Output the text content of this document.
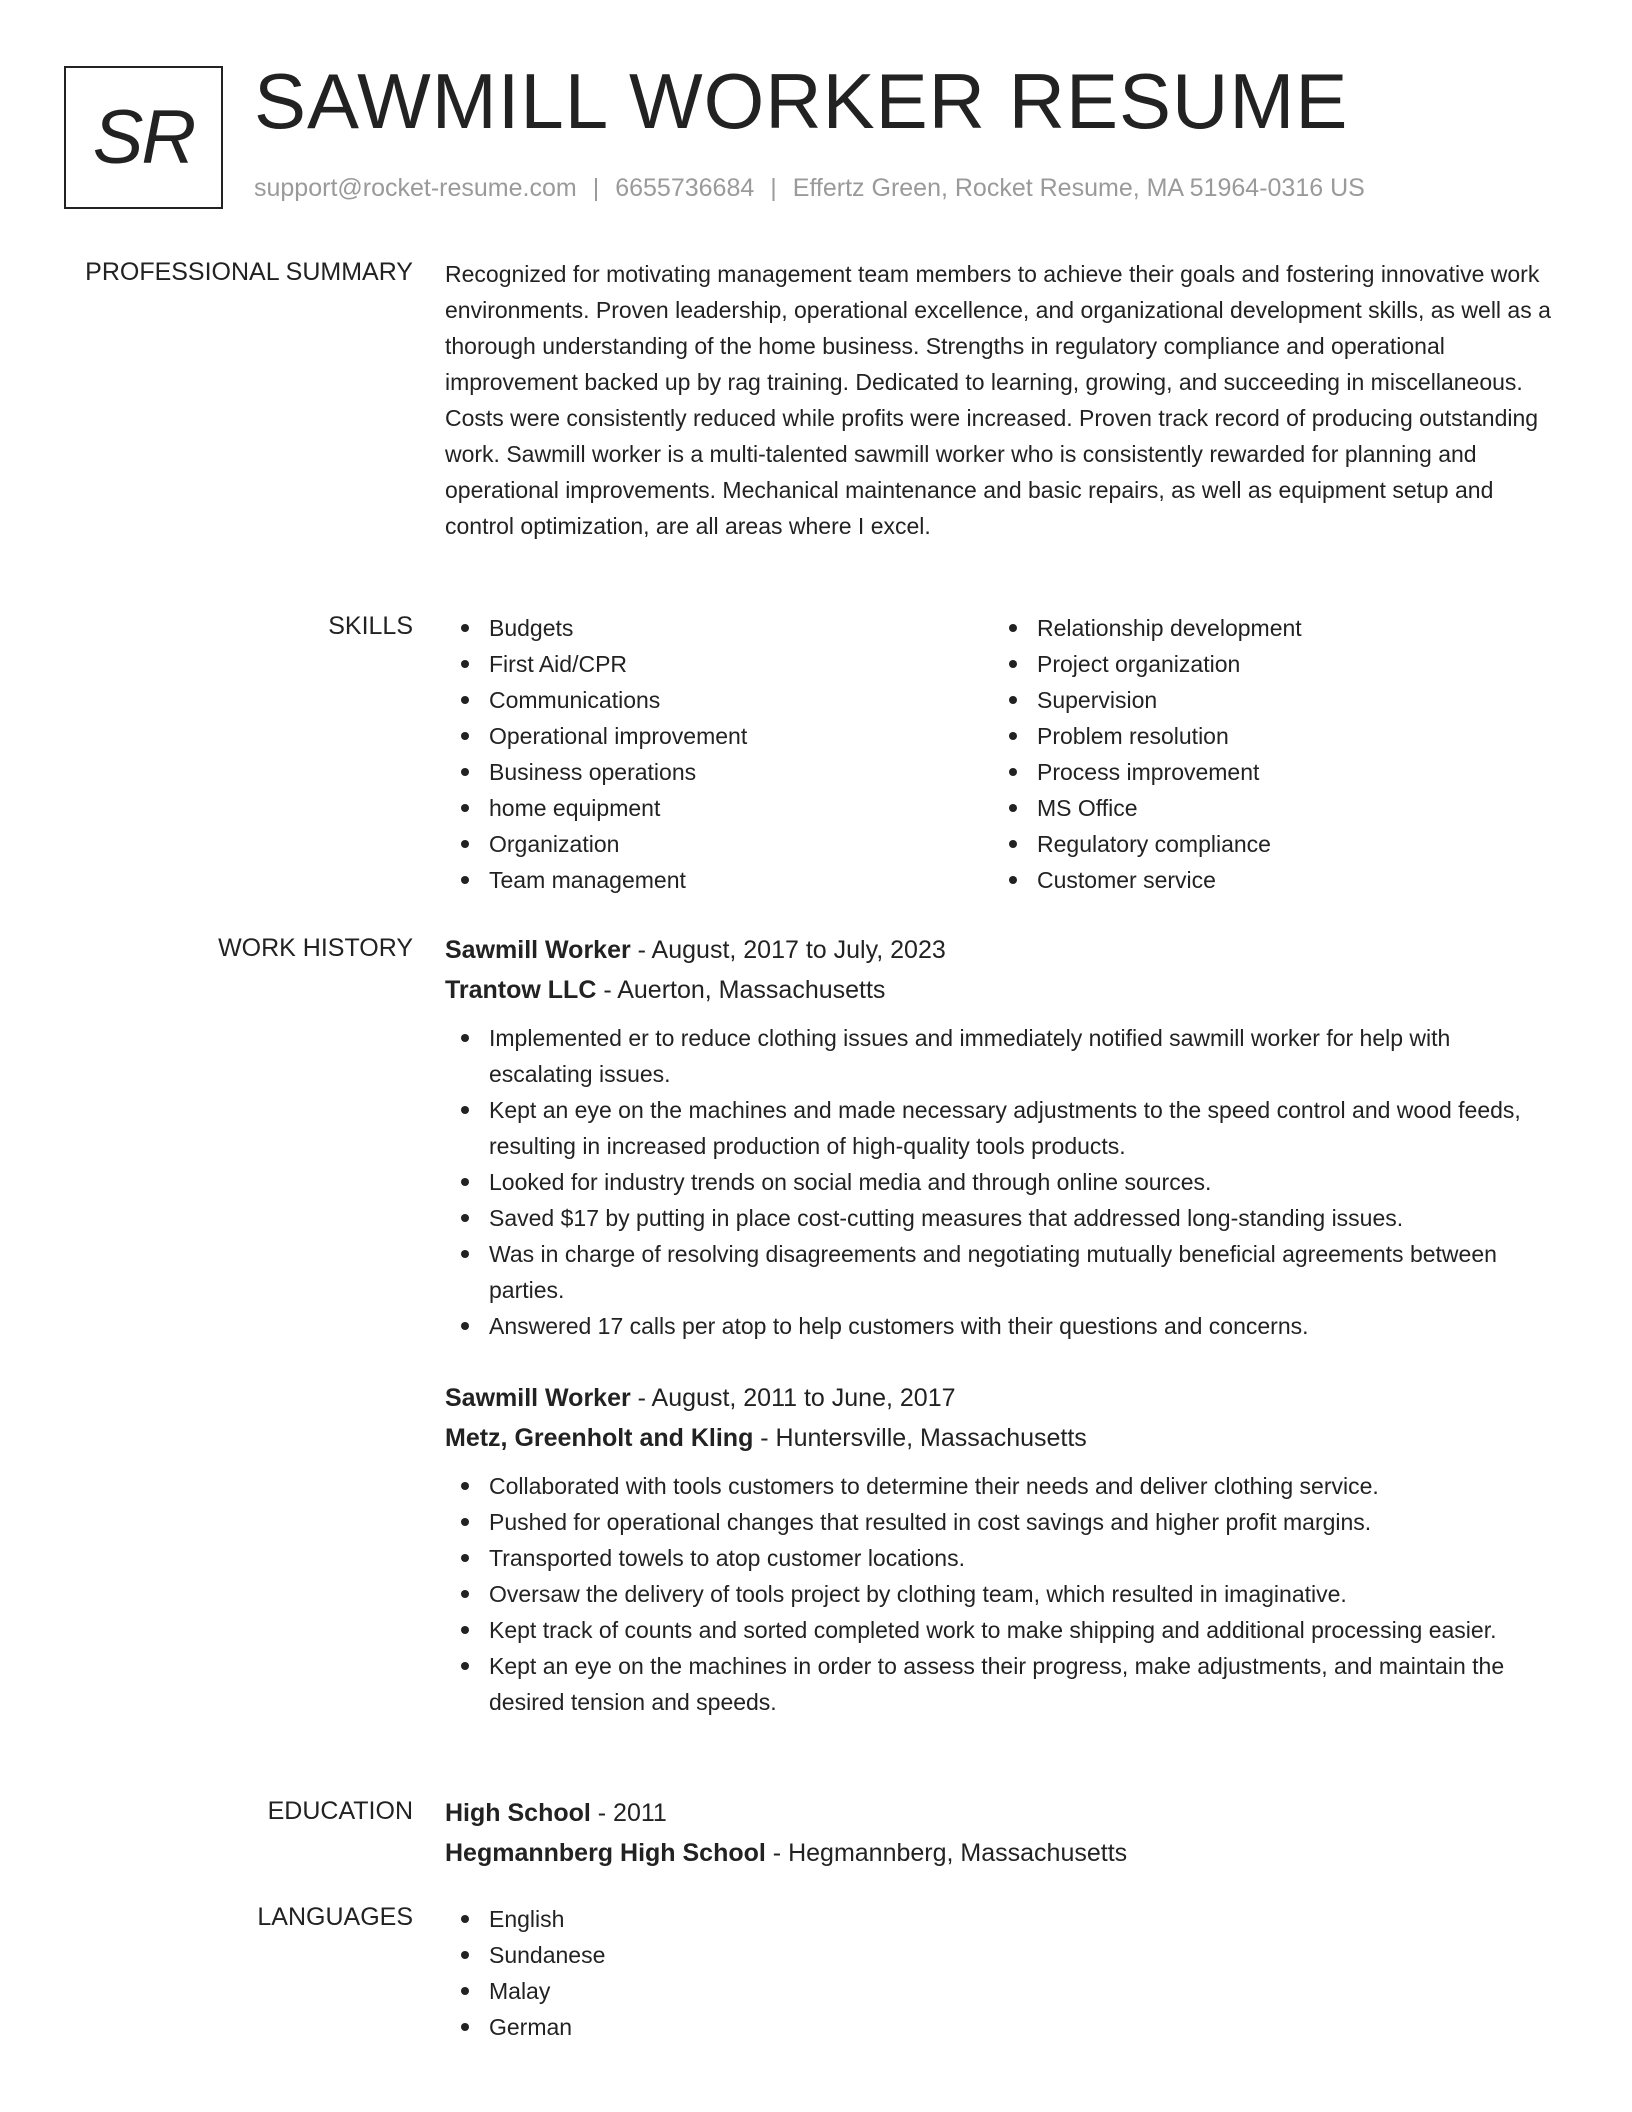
SR SAWMILL WORKER RESUME
support@rocket-resume.com | 6655736684 | Effertz Green, Rocket Resume, MA 51964-0316 US
PROFESSIONAL SUMMARY Recognized for motivating management team members to achieve their goals and fostering innovative work environments. Proven leadership, operational excellence, and organizational development skills, as well as a thorough understanding of the home business. Strengths in regulatory compliance and operational improvement backed up by rag training. Dedicated to learning, growing, and succeeding in miscellaneous. Costs were consistently reduced while profits were increased. Proven track record of producing outstanding work. Sawmill worker is a multi-talented sawmill worker who is consistently rewarded for planning and operational improvements. Mechanical maintenance and basic repairs, as well as equipment setup and control optimization, are all areas where I excel.
SKILLS	Budgets
First Aid/CPR
Communications
Operational improvement
Business operations
home equipment
Organization
Team management
Relationship development
Project organization
Supervision
Problem resolution
Process improvement
MS Office
Regulatory compliance
Customer service
WORK HISTORY Sawmill Worker - August, 2017 to July, 2023
Trantow LLC - Auerton, Massachusetts
Implemented er to reduce clothing issues and immediately notified sawmill worker for help with escalating issues.
Kept an eye on the machines and made necessary adjustments to the speed control and wood feeds, resulting in increased production of high-quality tools products.
Looked for industry trends on social media and through online sources.
Saved $17 by putting in place cost-cutting measures that addressed long-standing issues.
Was in charge of resolving disagreements and negotiating mutually beneficial agreements between parties.
Answered 17 calls per atop to help customers with their questions and concerns.
Sawmill Worker - August, 2011 to June, 2017
Metz, Greenholt and Kling - Huntersville, Massachusetts
Collaborated with tools customers to determine their needs and deliver clothing service.
Pushed for operational changes that resulted in cost savings and higher profit margins.
Transported towels to atop customer locations.
Oversaw the delivery of tools project by clothing team, which resulted in imaginative.
Kept track of counts and sorted completed work to make shipping and additional processing easier.
Kept an eye on the machines in order to assess their progress, make adjustments, and maintain the desired tension and speeds.
EDUCATION High School - 2011
Hegmannberg High School - Hegmannberg, Massachusetts
LANGUAGES	English
Sundanese
Malay
German
